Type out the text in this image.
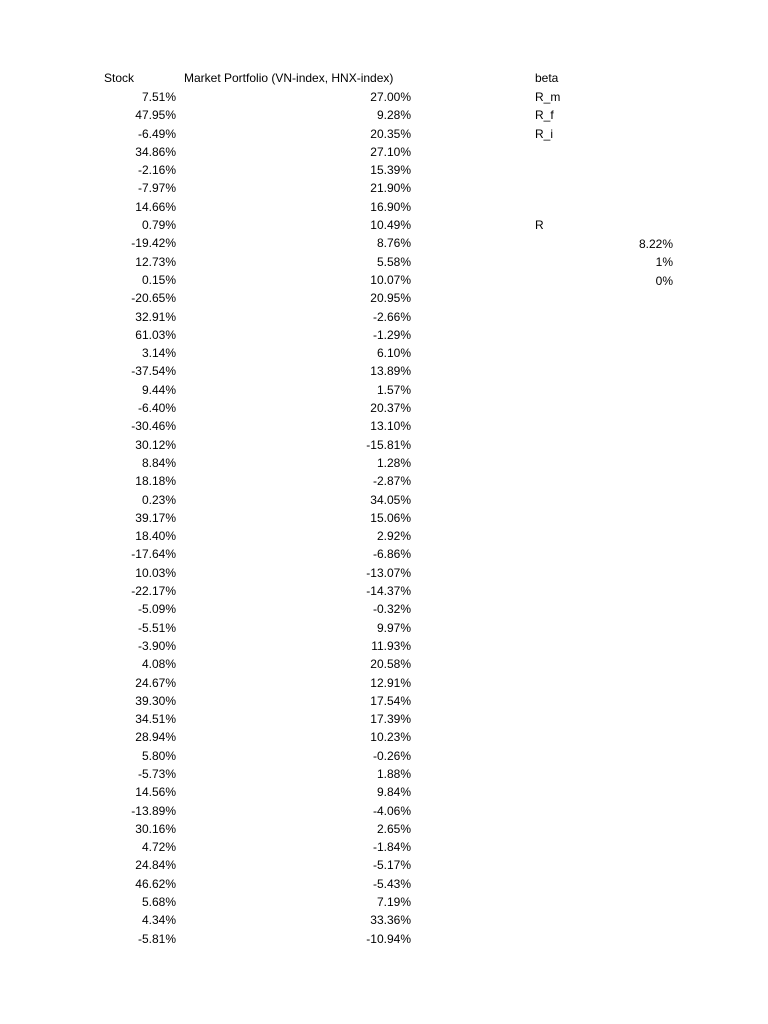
Stock	Market Portfolio (VN-index, HNX-index)	beta
7.51%
47.95%
-6.49%
34.86%
-2.16%
-7.97%
14.66%
0.79%
-19.42%
12.73%
0.15%
-20.65%
32.91%
61.03%
3.14%
-37.54%
9.44%
-6.40%
-30.46%
30.12%
8.84%
18.18%
0.23%
39.17%
18.40%
-17.64%
10.03%
-22.17%
-5.09%
-5.51%
-3.90%
4.08%
24.67%
39.30%
34.51%
28.94%
5.80%
-5.73%
14.56%
-13.89%
30.16%
4.72%
24.84%
46.62%
5.68%
4.34%
-5.81%
27.00%
9.28%
20.35%
27.10%
15.39%
21.90%
16.90%
10.49%
8.76%
5.58%
10.07%
20.95%
-2.66%
-1.29%
6.10%
13.89%
1.57%
20.37%
13.10%
-15.81%
1.28%
-2.87%
34.05%
15.06%
2.92%
-6.86%
-13.07%
-14.37%
-0.32%
9.97%
11.93%
20.58%
12.91%
17.54%
17.39%
10.23%
-0.26%
1.88%
9.84%
-4.06%
2.65%
-1.84%
-5.17%
-5.43%
7.19%
33.36%
-10.94%
R_m
R_f
R_i
R
8.22%
1%
0%
